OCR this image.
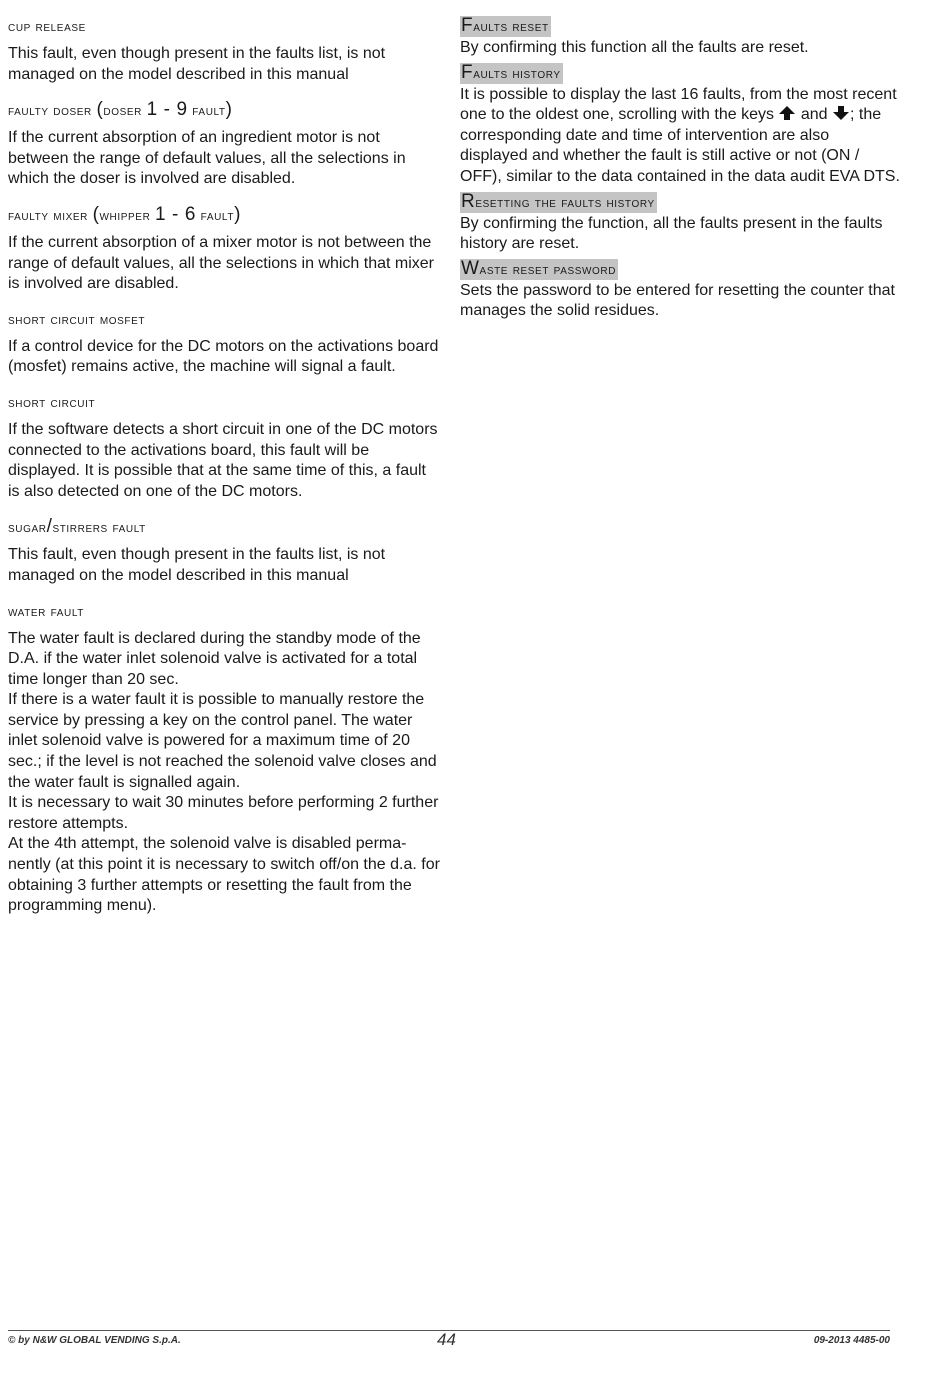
cup release

This fault, even though present in the faults list, is not managed on the model described in this manual

faulty doser (doser 1 - 9 fault)

If the current absorption of an ingredient motor is not between the range of default values, all the selections in which the doser is involved are disabled.

faulty mixer (whipper 1 - 6 fault)

If the current absorption of a mixer motor is not between the range of default values, all the selections in which that mixer is involved are disabled.

short circuit mosfet

If a control device for the DC motors on the activations board (mosfet) remains active, the machine will signal a fault.

short circuit

If the software detects a short circuit in one of the DC motors connected to the activations board, this fault will be displayed. It is possible that at the same time of this, a fault is also detected on one of the DC motors.

sugar/stirrers fault

This fault, even though present in the faults list, is not managed on the model described in this manual

water fault

The water fault is declared during the standby mode of the D.A. if the water inlet solenoid valve is activated for a total time longer than 20 sec.

If there is a water fault it is possible to manually restore the service by pressing a key on the control panel. The water inlet solenoid valve is powered for a maximum time of 20 sec.; if the level is not reached the solenoid valve closes and the water fault is signalled again.

It is necessary to wait 30 minutes before performing 2 further restore attempts.

At the 4th attempt, the solenoid valve is disabled perma-nently (at this point it is necessary to switch off/on the d.a. for obtaining 3 further attempts or resetting the fault from the programming menu).

Faults reset

By confirming this function all the faults are reset.

Faults history

It is possible to display the last 16 faults, from the most recent one to the oldest one, scrolling with the keys  and ; the corresponding date and time of intervention are also displayed and whether the fault is still active or not (ON / OFF), similar to the data contained in the data audit EVA DTS.

Resetting the faults history

By confirming the function, all the faults present in the faults history are reset.

Waste reset password

Sets the password to be entered for resetting the counter that manages the solid residues.

© by N&W GLOBAL VENDING S.p.A.	44	09-2013 4485-00
